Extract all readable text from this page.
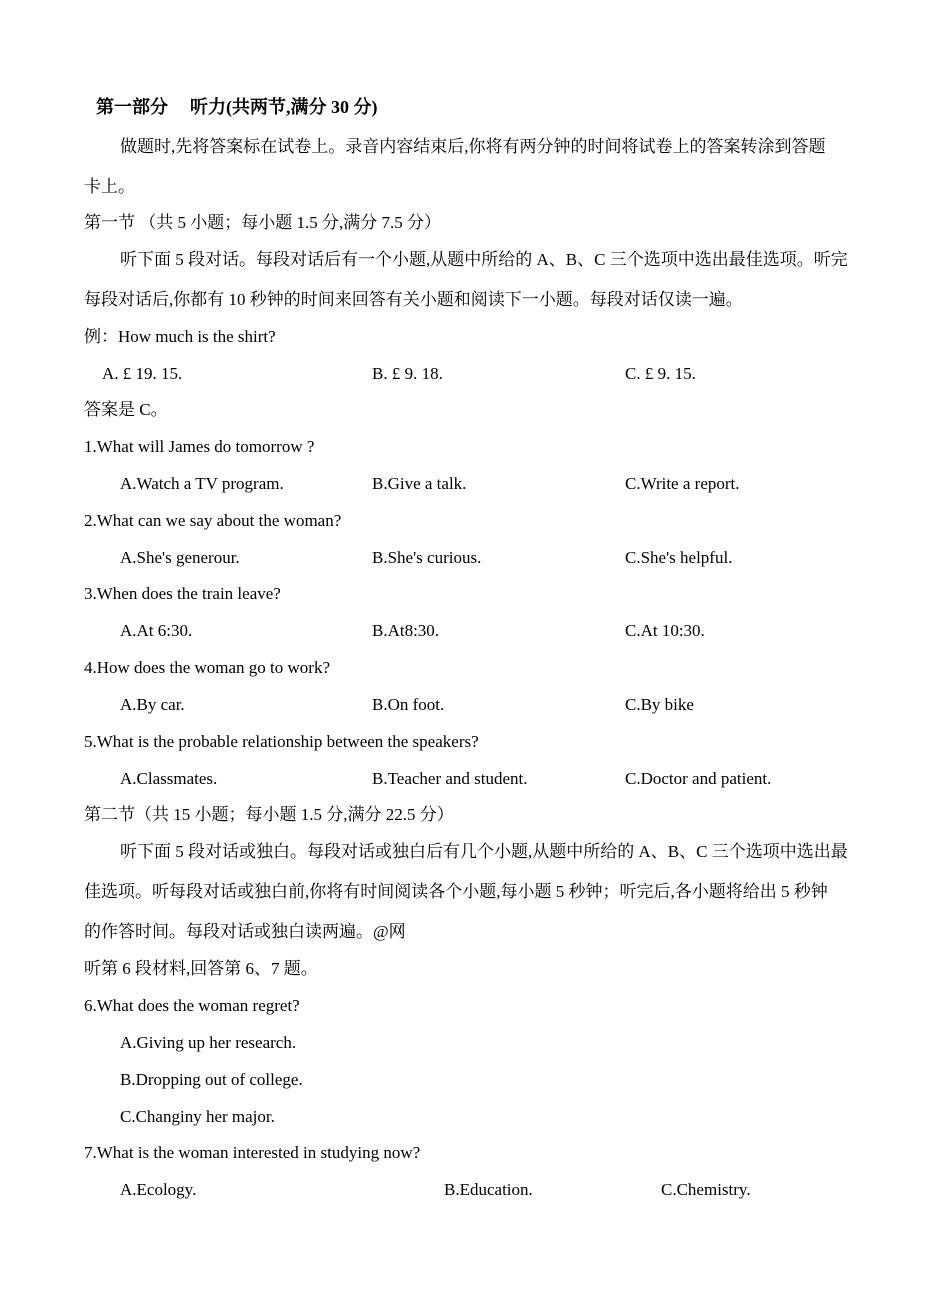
第一部分 听力(共两节,满分 30 分)
做题时,先将答案标在试卷上。录音内容结束后,你将有两分钟的时间将试卷上的答案转涂到答题
卡上。
第一节 （共 5 小题；每小题 1.5 分,满分 7.5 分）
听下面 5 段对话。每段对话后有一个小题,从题中所给的 A、B、C 三个选项中选出最佳选项。听完
每段对话后,你都有 10 秒钟的时间来回答有关小题和阅读下一小题。每段对话仅读一遍。
例：How much is the shirt?
A. £ 19. 15.	B. £ 9. 18.	C. £ 9. 15.
答案是 C。
1.What will James do tomorrow ?
A.Watch a TV program.	B.Give a talk.	C.Write a report.
2.What can we say about the woman?
A.She's generour.	B.She's curious.	C.She's helpful.
3.When does the train leave?
A.At 6:30.	B.At8:30.	C.At 10:30.
4.How does the woman go to work?
A.By car.	B.On foot.	C.By bike
5.What is the probable relationship between the speakers?
A.Classmates.	B.Teacher and student.	C.Doctor and patient.
第二节（共 15 小题；每小题 1.5 分,满分 22.5 分）
听下面 5 段对话或独白。每段对话或独白后有几个小题,从题中所给的 A、B、C 三个选项中选出最
佳选项。听每段对话或独白前,你将有时间阅读各个小题,每小题 5 秒钟；听完后,各小题将给出 5 秒钟
的作答时间。每段对话或独白读两遍。@网
听第 6 段材料,回答第 6、7 题。
6.What does the woman regret?
A.Giving up her research.
B.Dropping out of college.
C.Changiny her major.
7.What is the woman interested in studying now?
A.Ecology.	B.Education.	C.Chemistry.
